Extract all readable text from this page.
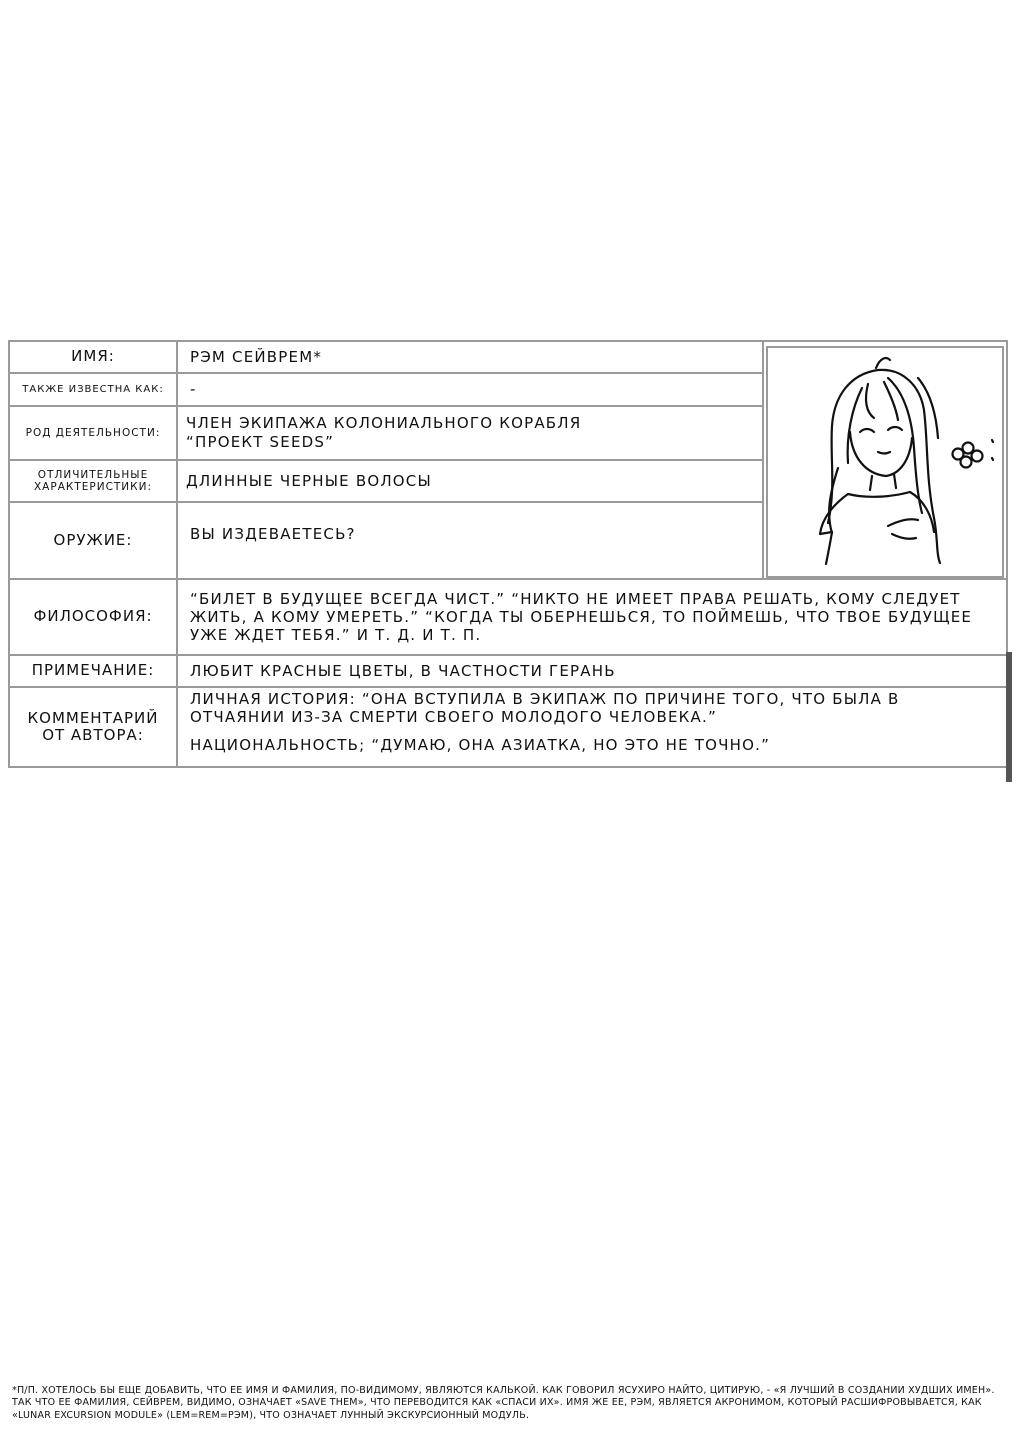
ИМЯ:	РЭМ СЕЙВРЕМ*
ТАКЖЕ ИЗВЕСТНА КАК:	-
РОД ДЕЯТЕЛЬНОСТИ:

ЧЛЕН ЭКИПАЖА КОЛОНИАЛЬНОГО КОРАБЛЯ

“ПРОЕКТ SEEDS”

ОТЛИЧИТЕЛЬНЫЕ ХАРАКТЕРИСТИКИ:	ДЛИННЫЕ ЧЕРНЫЕ ВОЛОСЫ
ОРУЖИЕ:	ВЫ ИЗДЕВАЕТЕСЬ?
ФИЛОСОФИЯ:
“БИЛЕТ В БУДУЩЕЕ ВСЕГДА ЧИСТ.” “НИКТО НЕ ИМЕЕТ ПРАВА РЕШАТЬ, КОМУ СЛЕДУЕТ ЖИТЬ, А КОМУ УМЕРЕТЬ.” “КОГДА ТЫ ОБЕРНЕШЬСЯ, ТО ПОЙМЕШЬ, ЧТО ТВОЕ БУДУЩЕЕ УЖЕ ЖДЕТ ТЕБЯ.” И Т. Д. И Т. П.
ПРИМЕЧАНИЕ:	ЛЮБИТ КРАСНЫЕ ЦВЕТЫ, В ЧАСТНОСТИ ГЕРАНЬ
КОММЕНТАРИЙ ОТ АВТОРА:

ЛИЧНАЯ ИСТОРИЯ: “ОНА ВСТУПИЛА В ЭКИПАЖ ПО ПРИЧИНЕ ТОГО, ЧТО БЫЛА В ОТЧАЯНИИ ИЗ-ЗА СМЕРТИ СВОЕГО МОЛОДОГО ЧЕЛОВЕКА.”

НАЦИОНАЛЬНОСТЬ; “ДУМАЮ, ОНА АЗИАТКА, НО ЭТО НЕ ТОЧНО.”

*П/П. ХОТЕЛОСЬ БЫ ЕЩЕ ДОБАВИТЬ, ЧТО ЕЕ ИМЯ И ФАМИЛИЯ, ПО-ВИДИМОМУ, ЯВЛЯЮТСЯ КАЛЬКОЙ. КАК ГОВОРИЛ ЯСУХИРО НАЙТО, ЦИТИРУЮ, - «Я ЛУЧШИЙ В СОЗДАНИИ ХУДШИХ ИМЕН». ТАК ЧТО ЕЕ ФАМИЛИЯ, СЕЙВРЕМ, ВИДИМО, ОЗНАЧАЕТ «SAVE THEM», ЧТО ПЕРЕВОДИТСЯ КАК «СПАСИ ИХ». ИМЯ ЖЕ ЕЕ, РЭМ, ЯВЛЯЕТСЯ АКРОНИМОМ, КОТОРЫЙ РАСШИФРОВЫВАЕТСЯ, КАК «LUNAR EXCURSION MODULE» (LEM=REM=РЭМ), ЧТО ОЗНАЧАЕТ ЛУННЫЙ ЭКСКУРСИОННЫЙ МОДУЛЬ.
